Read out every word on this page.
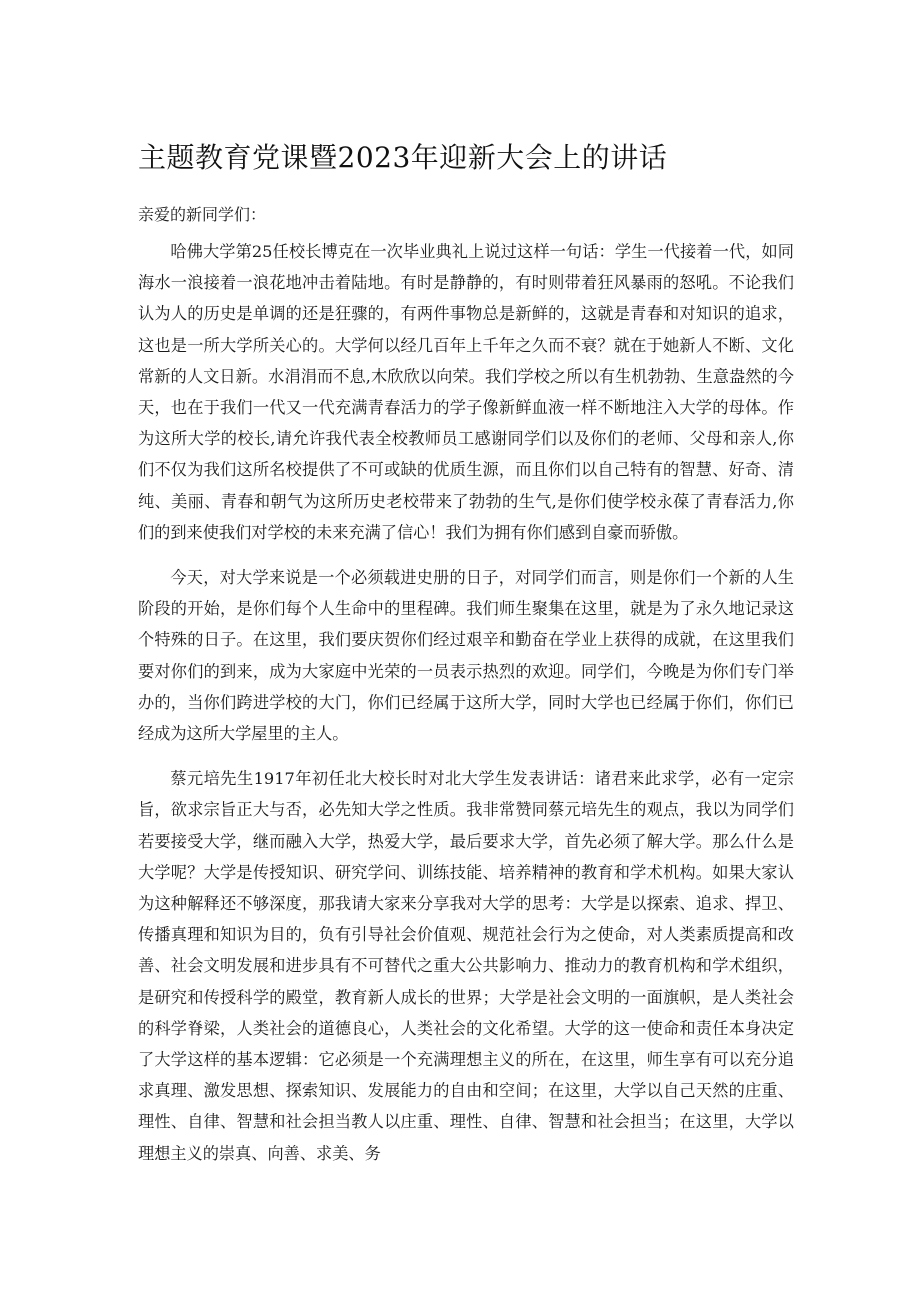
主题教育党课暨2023年迎新大会上的讲话

亲爱的新同学们：

哈佛大学第25任校长博克在一次毕业典礼上说过这样一句话：学生一代接着一代，如同海水一浪接着一浪花地冲击着陆地。有时是静静的，有时则带着狂风暴雨的怒吼。不论我们认为人的历史是单调的还是狂骤的，有两件事物总是新鲜的，这就是青春和对知识的追求，这也是一所大学所关心的。大学何以经几百年上千年之久而不衰？就在于她新人不断、文化常新的人文日新。水涓涓而不息,木欣欣以向荣。我们学校之所以有生机勃勃、生意盎然的今天，也在于我们一代又一代充满青春活力的学子像新鲜血液一样不断地注入大学的母体。作为这所大学的校长,请允许我代表全校教师员工感谢同学们以及你们的老师、父母和亲人,你们不仅为我们这所名校提供了不可或缺的优质生源，而且你们以自己特有的智慧、好奇、清纯、美丽、青春和朝气为这所历史老校带来了勃勃的生气,是你们使学校永葆了青春活力,你们的到来使我们对学校的未来充满了信心！我们为拥有你们感到自豪而骄傲。

今天，对大学来说是一个必须载进史册的日子，对同学们而言，则是你们一个新的人生阶段的开始，是你们每个人生命中的里程碑。我们师生聚集在这里，就是为了永久地记录这个特殊的日子。在这里，我们要庆贺你们经过艰辛和勤奋在学业上获得的成就，在这里我们要对你们的到来，成为大家庭中光荣的一员表示热烈的欢迎。同学们，今晚是为你们专门举办的，当你们跨进学校的大门，你们已经属于这所大学，同时大学也已经属于你们，你们已经成为这所大学屋里的主人。

蔡元培先生1917年初任北大校长时对北大学生发表讲话：诸君来此求学，必有一定宗旨，欲求宗旨正大与否，必先知大学之性质。我非常赞同蔡元培先生的观点，我以为同学们若要接受大学，继而融入大学，热爱大学，最后要求大学，首先必须了解大学。那么什么是大学呢？大学是传授知识、研究学问、训练技能、培养精神的教育和学术机构。如果大家认为这种解释还不够深度，那我请大家来分享我对大学的思考：大学是以探索、追求、捍卫、传播真理和知识为目的，负有引导社会价值观、规范社会行为之使命，对人类素质提高和改善、社会文明发展和进步具有不可替代之重大公共影响力、推动力的教育机构和学术组织，是研究和传授科学的殿堂，教育新人成长的世界；大学是社会文明的一面旗帜，是人类社会的科学脊梁，人类社会的道德良心，人类社会的文化希望。大学的这一使命和责任本身决定了大学这样的基本逻辑：它必须是一个充满理想主义的所在，在这里，师生享有可以充分追求真理、激发思想、探索知识、发展能力的自由和空间；在这里，大学以自己天然的庄重、理性、自律、智慧和社会担当教人以庄重、理性、自律、智慧和社会担当；在这里，大学以理想主义的崇真、向善、求美、务
